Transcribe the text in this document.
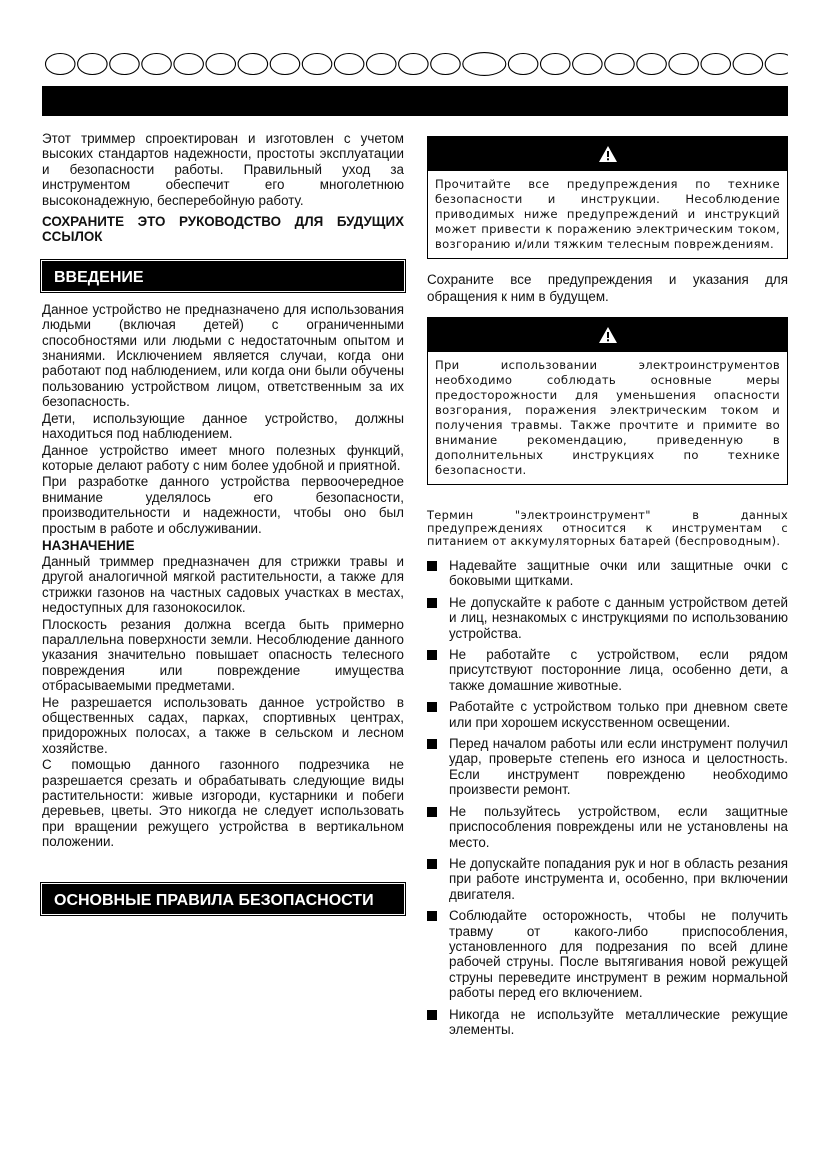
Этот триммер спроектирован и изготовлен с учетом высоких стандартов надежности, простоты эксплуатации и безопасности работы. Правильный уход за инструментом обеспечит его многолетнюю высоконадежную, бесперебойную работу.

СОХРАНИТЕ ЭТО РУКОВОДСТВО ДЛЯ БУДУЩИХ ССЫЛОК

ВВЕДЕНИЕ

Данное устройство не предназначено для использования людьми (включая детей) с ограниченными способностями или людьми с недостаточным опытом и знаниями. Исключением является случаи, когда они работают под наблюдением, или когда они были обучены пользованию устройством лицом, ответственным за их безопасность.

Дети, использующие данное устройство, должны находиться под наблюдением.

Данное устройство имеет много полезных функций, которые делают работу с ним более удобной и приятной.

При разработке данного устройства первоочередное внимание уделялось его безопасности, производительности и надежности, чтобы оно был простым в работе и обслуживании.

НАЗНАЧЕНИЕ

Данный триммер предназначен для стрижки травы и другой аналогичной мягкой растительности, а также для стрижки газонов на частных садовых участках в местах, недоступных для газонокосилок.

Плоскость резания должна всегда быть примерно параллельна поверхности земли. Несоблюдение данного указания значительно повышает опасность телесного повреждения или повреждение имущества отбрасываемыми предметами.

Не разрешается использовать данное устройство в общественных садах, парках, спортивных центрах, придорожных полосах, а также в сельском и лесном хозяйстве.

С помощью данного газонного подрезчика не разрешается срезать и обрабатывать следующие виды растительности: живые изгороди, кустарники и побеги деревьев, цветы. Это никогда не следует использовать при вращении режущего устройства в вертикальном положении.

ОСНОВНЫЕ ПРАВИЛА БЕЗОПАСНОСТИ

Прочитайте все предупреждения по технике безопасности и инструкции. Несоблюдение приводимых ниже предупреждений и инструкций может привести к поражению электрическим током, возгоранию и/или тяжким телесным повреждениям.

Сохраните все предупреждения и указания для обращения к ним в будущем.

При использовании электроинструментов необходимо соблюдать основные меры предосторожности для уменьшения опасности возгорания, поражения электрическим током и получения травмы. Также прочтите и примите во внимание рекомендацию, приведенную в дополнительных инструкциях по технике безопасности.

Термин "электроинструмент" в данных предупреждениях относится к инструментам с питанием от аккумуляторных батарей (беспроводным).

Надевайте защитные очки или защитные очки с боковыми щитками.
Не допускайте к работе с данным устройством детей и лиц, незнакомых с инструкциями по использованию устройства.
Не работайте с устройством, если рядом присутствуют посторонние лица, особенно дети, а также домашние животные.
Работайте с устройством только при дневном свете или при хорошем искусственном освещении.
Перед началом работы или если инструмент получил удар, проверьте степень его износа и целостность. Если инструмент поврежденю необходимо произвести ремонт.
Не пользуйтесь устройством, если защитные приспособления повреждены или не установлены на место.
Не допускайте попадания рук и ног в область резания при работе инструмента и, особенно, при включении двигателя.
Соблюдайте осторожность, чтобы не получить травму от какого-либо приспособления, установленного для подрезания по всей длине рабочей струны. После вытягивания новой режущей струны переведите инструмент в режим нормальной работы перед его включением.
Никогда не используйте металлические режущие элементы.
